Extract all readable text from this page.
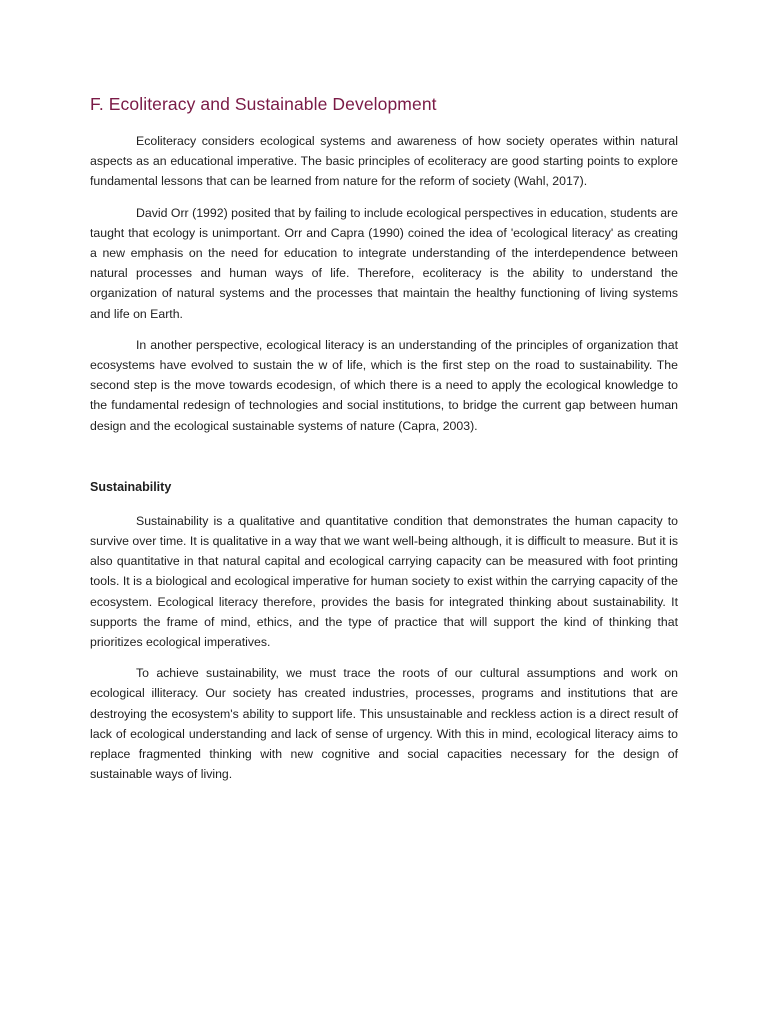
F. Ecoliteracy and Sustainable Development

Ecoliteracy considers ecological systems and awareness of how society operates within natural aspects as an educational imperative. The basic principles of ecoliteracy are good starting points to explore fundamental lessons that can be learned from nature for the reform of society (Wahl, 2017).

David Orr (1992) posited that by failing to include ecological perspectives in education, students are taught that ecology is unimportant. Orr and Capra (1990) coined the idea of 'ecological literacy' as creating a new emphasis on the need for education to integrate understanding of the interdependence between natural processes and human ways of life. Therefore, ecoliteracy is the ability to understand the organization of natural systems and the processes that maintain the healthy functioning of living systems and life on Earth.

In another perspective, ecological literacy is an understanding of the principles of organization that ecosystems have evolved to sustain the w of life, which is the first step on the road to sustainability. The second step is the move towards ecodesign, of which there is a need to apply the ecological knowledge to the fundamental redesign of technologies and social institutions, to bridge the current gap between human design and the ecological sustainable systems of nature (Capra, 2003).

Sustainability

Sustainability is a qualitative and quantitative condition that demonstrates the human capacity to survive over time. It is qualitative in a way that we want well-being although, it is difficult to measure. But it is also quantitative in that natural capital and ecological carrying capacity can be measured with foot printing tools. It is a biological and ecological imperative for human society to exist within the carrying capacity of the ecosystem. Ecological literacy therefore, provides the basis for integrated thinking about sustainability. It supports the frame of mind, ethics, and the type of practice that will support the kind of thinking that prioritizes ecological imperatives.

To achieve sustainability, we must trace the roots of our cultural assumptions and work on ecological illiteracy. Our society has created industries, processes, programs and institutions that are destroying the ecosystem's ability to support life. This unsustainable and reckless action is a direct result of lack of ecological understanding and lack of sense of urgency. With this in mind, ecological literacy aims to replace fragmented thinking with new cognitive and social capacities necessary for the design of sustainable ways of living.
